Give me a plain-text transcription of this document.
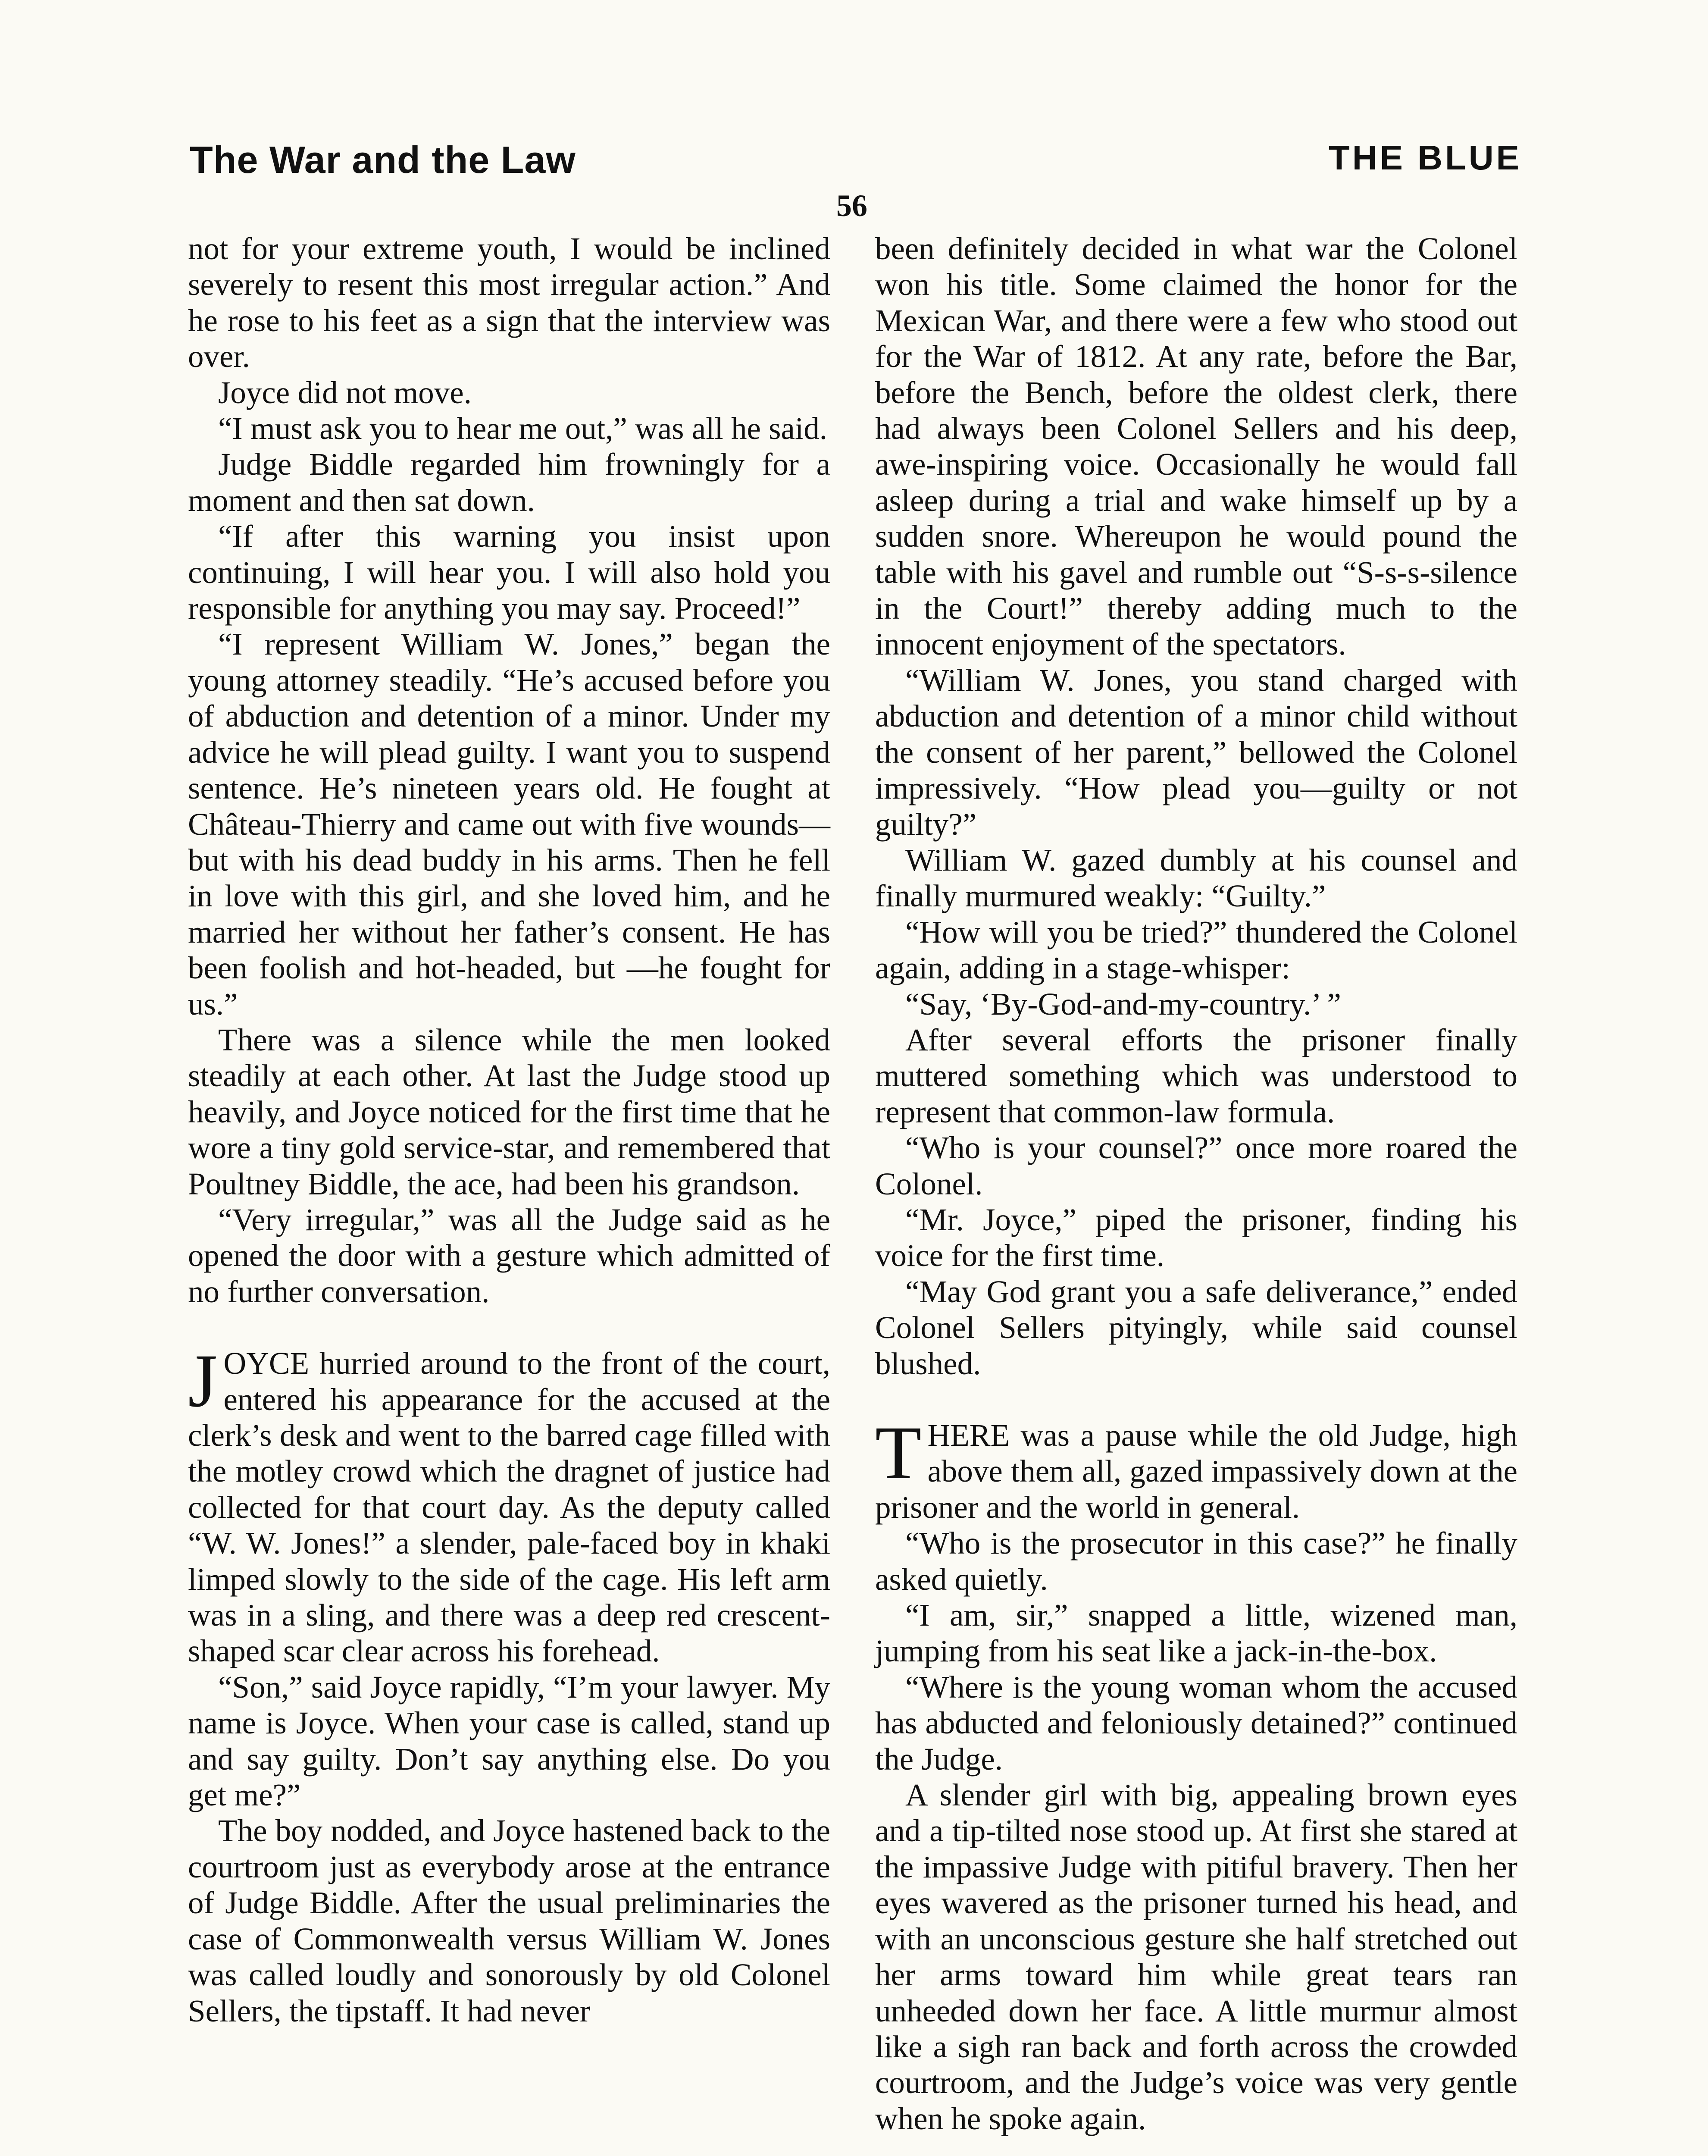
The War and the Law	THE BLUE
56

not for your extreme youth, I would be inclined severely to resent this most irregular action.” And he rose to his feet as a sign that the interview was over.

Joyce did not move.

“I must ask you to hear me out,” was all he said.

Judge Biddle regarded him frowningly for a moment and then sat down.

“If after this warning you insist upon continuing, I will hear you. I will also hold you responsible for anything you may say. Proceed!”

“I represent William W. Jones,” began the young attorney steadily. “He’s accused before you of abduction and detention of a minor. Under my advice he will plead guilty. I want you to suspend sentence. He’s nineteen years old. He fought at Château-Thierry and came out with five wounds—but with his dead buddy in his arms. Then he fell in love with this girl, and she loved him, and he married her without her father’s consent. He has been foolish and hot-headed, but —he fought for us.”

There was a silence while the men looked steadily at each other. At last the Judge stood up heavily, and Joyce noticed for the first time that he wore a tiny gold service-star, and remembered that Poultney Biddle, the ace, had been his grandson.

“Very irregular,” was all the Judge said as he opened the door with a gesture which admitted of no further conversation.

JOYCE hurried around to the front of the court, entered his appearance for the accused at the clerk’s desk and went to the barred cage filled with the motley crowd which the dragnet of justice had collected for that court day. As the deputy called “W. W. Jones!” a slender, pale-faced boy in khaki limped slowly to the side of the cage. His left arm was in a sling, and there was a deep red crescent-shaped scar clear across his forehead.

“Son,” said Joyce rapidly, “I’m your lawyer. My name is Joyce. When your case is called, stand up and say guilty. Don’t say anything else. Do you get me?”

The boy nodded, and Joyce hastened back to the courtroom just as everybody arose at the entrance of Judge Biddle. After the usual preliminaries the case of Commonwealth versus William W. Jones was called loudly and sonorously by old Colonel Sellers, the tipstaff. It had never

been definitely decided in what war the Colonel won his title. Some claimed the honor for the Mexican War, and there were a few who stood out for the War of 1812. At any rate, before the Bar, before the Bench, before the oldest clerk, there had always been Colonel Sellers and his deep, awe-inspiring voice. Occasionally he would fall asleep during a trial and wake himself up by a sudden snore. Whereupon he would pound the table with his gavel and rumble out “S-s-s-silence in the Court!” thereby adding much to the innocent enjoyment of the spectators.

“William W. Jones, you stand charged with abduction and detention of a minor child without the consent of her parent,” bellowed the Colonel impressively. “How plead you—guilty or not guilty?”

William W. gazed dumbly at his counsel and finally murmured weakly: “Guilty.”

“How will you be tried?” thundered the Colonel again, adding in a stage-whisper:

“Say, ‘By-God-and-my-country.’ ”

After several efforts the prisoner finally muttered something which was understood to represent that common-law formula.

“Who is your counsel?” once more roared the Colonel.

“Mr. Joyce,” piped the prisoner, finding his voice for the first time.

“May God grant you a safe deliverance,” ended Colonel Sellers pityingly, while said counsel blushed.

THERE was a pause while the old Judge, high above them all, gazed impassively down at the prisoner and the world in general.

“Who is the prosecutor in this case?” he finally asked quietly.

“I am, sir,” snapped a little, wizened man, jumping from his seat like a jack-in-the-box.

“Where is the young woman whom the accused has abducted and feloniously detained?” continued the Judge.

A slender girl with big, appealing brown eyes and a tip-tilted nose stood up. At first she stared at the impassive Judge with pitiful bravery. Then her eyes wavered as the prisoner turned his head, and with an unconscious gesture she half stretched out her arms toward him while great tears ran unheeded down her face. A little murmur almost like a sigh ran back and forth across the crowded courtroom, and the Judge’s voice was very gentle when he spoke again.
